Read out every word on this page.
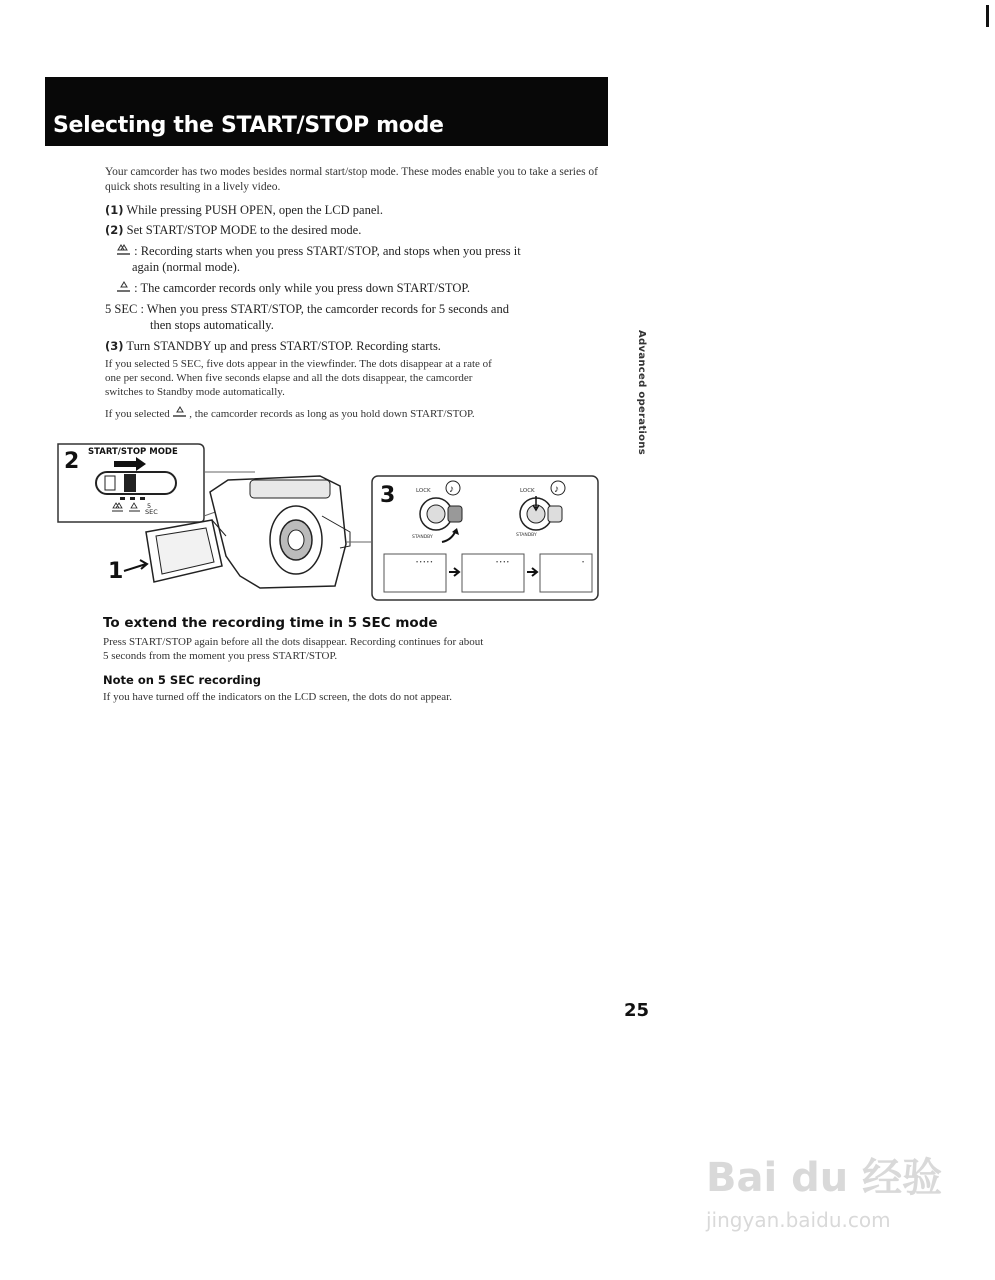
Selecting the START/STOP mode
Your camcorder has two modes besides normal start/stop mode. These modes enable you to take a series of quick shots resulting in a lively video.
(1) While pressing PUSH OPEN, open the LCD panel.
(2) Set START/STOP MODE to the desired mode.
: Recording starts when you press START/STOP, and stops when you press it
again (normal mode).
: The camcorder records only while you press down START/STOP.
5 SEC : When you press START/STOP, the camcorder records for 5 seconds and
then stops automatically.
(3) Turn STANDBY up and press START/STOP. Recording starts.
If you selected 5 SEC, five dots appear in the viewfinder. The dots disappear at a rate of
one per second. When five seconds elapse and all the dots disappear, the camcorder
switches to Standby mode automatically.
If you selected , the camcorder records as long as you hold down START/STOP.	Advanced operations
2 START/STOP MODE
5
SEC
1
3	♪
LOCK
STANDBY
♪
LOCK
STANDBY
• • • • •	• • • •	•
To extend the recording time in 5 SEC mode
Press START/STOP again before all the dots disappear. Recording continues for about
5 seconds from the moment you press START/STOP.
Note on 5 SEC recording
If you have turned off the indicators on the LCD screen, the dots do not appear.
25
Bai du 经验
jingyan.baidu.com
